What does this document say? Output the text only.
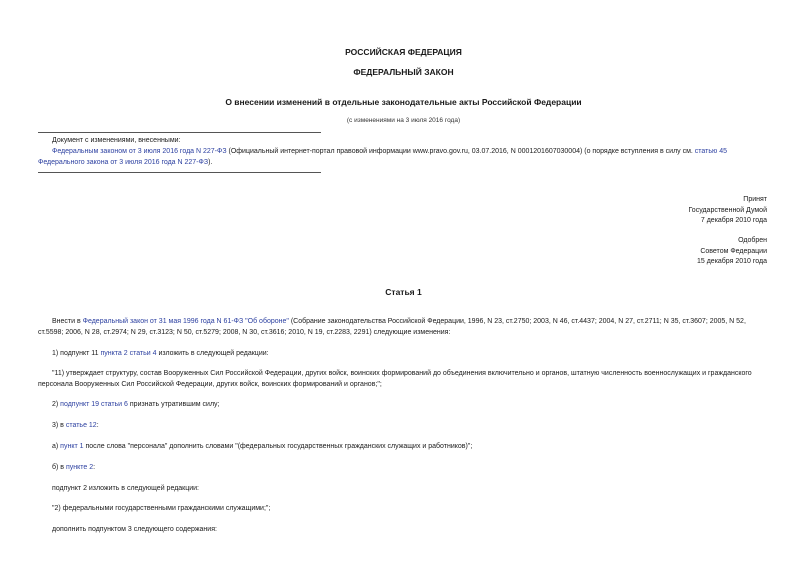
РОССИЙСКАЯ ФЕДЕРАЦИЯ
ФЕДЕРАЛЬНЫЙ ЗАКОН
О внесении изменений в отдельные законодательные акты Российской Федерации
(с изменениями на 3 июля 2016 года)
Документ с изменениями, внесенными:
Федеральным законом от 3 июля 2016 года N 227-ФЗ (Официальный интернет-портал правовой информации www.pravo.gov.ru, 03.07.2016, N 0001201607030004) (о порядке вступления в силу см. статью 45 Федерального закона от 3 июля 2016 года N 227-ФЗ).
Принят
Государственной Думой
7 декабря 2010 года
Одобрен
Советом Федерации
15 декабря 2010 года
Статья 1
Внести в Федеральный закон от 31 мая 1996 года N 61-ФЗ "Об обороне" (Собрание законодательства Российской Федерации, 1996, N 23, ст.2750; 2003, N 46, ст.4437; 2004, N 27, ст.2711; N 35, ст.3607; 2005, N 52, ст.5598; 2006, N 28, ст.2974; N 29, ст.3123; N 50, ст.5279; 2008, N 30, ст.3616; 2010, N 19, ст.2283, 2291) следующие изменения:
1) подпункт 11 пункта 2 статьи 4 изложить в следующей редакции:
"11) утверждает структуру, состав Вооруженных Сил Российской Федерации, других войск, воинских формирований до объединения включительно и органов, штатную численность военнослужащих и гражданского персонала Вооруженных Сил Российской Федерации, других войск, воинских формирований и органов;";
2) подпункт 19 статьи 6 признать утратившим силу;
3) в статье 12:
а) пункт 1 после слова "персонала" дополнить словами "(федеральных государственных гражданских служащих и работников)";
б) в пункте 2:
подпункт 2 изложить в следующей редакции:
"2) федеральными государственными гражданскими служащими;";
дополнить подпунктом 3 следующего содержания:
